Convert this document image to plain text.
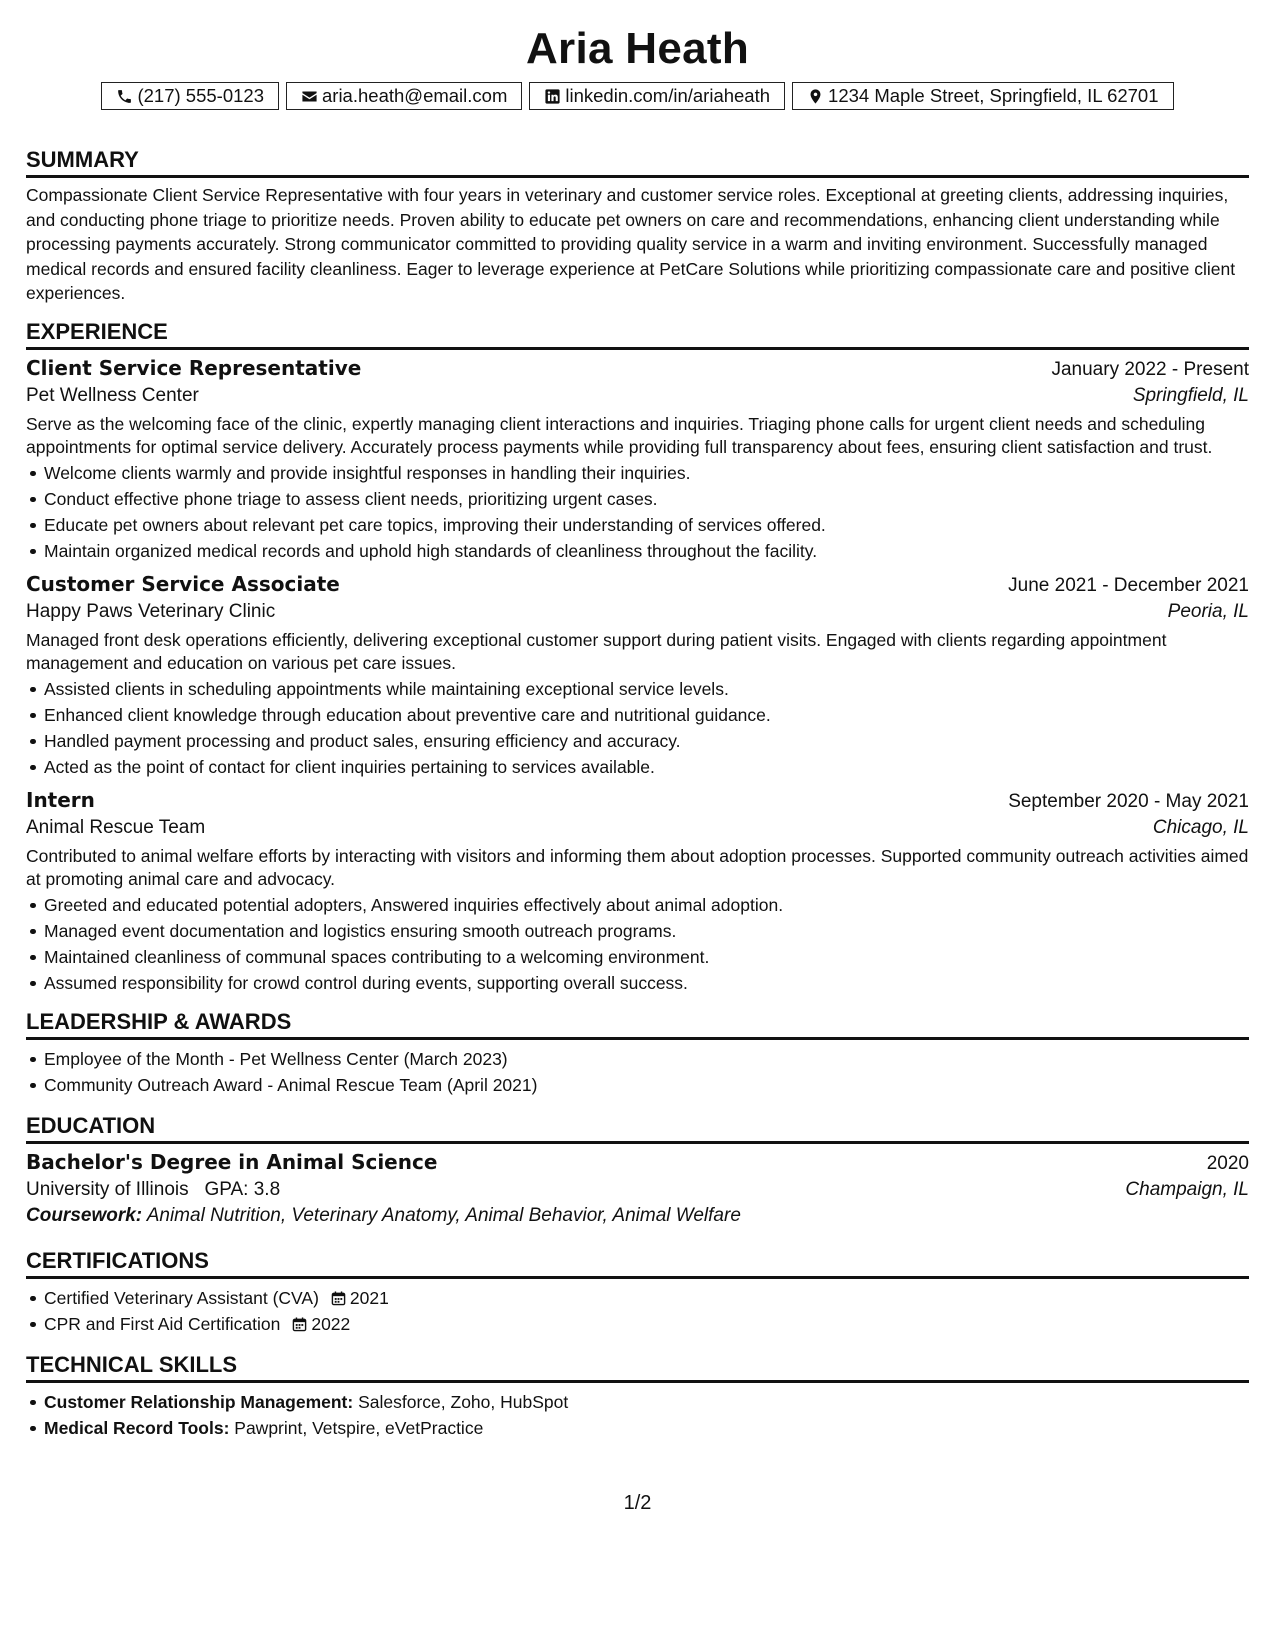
Aria Heath
(217) 555-0123	aria.heath@email.com	linkedin.com/in/ariaheath	1234 Maple Street, Springfield, IL 62701
SUMMARY

Compassionate Client Service Representative with four years in veterinary and customer service roles. Exceptional at greeting clients, addressing inquiries, and conducting phone triage to prioritize needs. Proven ability to educate pet owners on care and recommendations, enhancing client understanding while processing payments accurately. Strong communicator committed to providing quality service in a warm and inviting environment. Successfully managed medical records and ensured facility cleanliness. Eager to leverage experience at PetCare Solutions while prioritizing compassionate care and positive client experiences.

EXPERIENCE
Client Service Representative	January 2022 - Present
Pet Wellness Center	Springfield, IL

Serve as the welcoming face of the clinic, expertly managing client interactions and inquiries. Triaging phone calls for urgent client needs and scheduling appointments for optimal service delivery. Accurately process payments while providing full transparency about fees, ensuring client satisfaction and trust.

Welcome clients warmly and provide insightful responses in handling their inquiries.
Conduct effective phone triage to assess client needs, prioritizing urgent cases.
Educate pet owners about relevant pet care topics, improving their understanding of services offered.
Maintain organized medical records and uphold high standards of cleanliness throughout the facility.
Customer Service Associate	June 2021 - December 2021
Happy Paws Veterinary Clinic	Peoria, IL

Managed front desk operations efficiently, delivering exceptional customer support during patient visits. Engaged with clients regarding appointment management and education on various pet care issues.

Assisted clients in scheduling appointments while maintaining exceptional service levels.
Enhanced client knowledge through education about preventive care and nutritional guidance.
Handled payment processing and product sales, ensuring efficiency and accuracy.
Acted as the point of contact for client inquiries pertaining to services available.
Intern	September 2020 - May 2021
Animal Rescue Team	Chicago, IL

Contributed to animal welfare efforts by interacting with visitors and informing them about adoption processes. Supported community outreach activities aimed at promoting animal care and advocacy.

Greeted and educated potential adopters, Answered inquiries effectively about animal adoption.
Managed event documentation and logistics ensuring smooth outreach programs.
Maintained cleanliness of communal spaces contributing to a welcoming environment.
Assumed responsibility for crowd control during events, supporting overall success.
LEADERSHIP & AWARDS
Employee of the Month - Pet Wellness Center (March 2023)
Community Outreach Award - Animal Rescue Team (April 2021)
EDUCATION
Bachelor's Degree in Animal Science	2020
University of Illinois GPA: 3.8	Champaign, IL
Coursework: Animal Nutrition, Veterinary Anatomy, Animal Behavior, Animal Welfare
CERTIFICATIONS
Certified Veterinary Assistant (CVA) 2021
CPR and First Aid Certification 2022
TECHNICAL SKILLS
Customer Relationship Management: Salesforce, Zoho, HubSpot
Medical Record Tools: Pawprint, Vetspire, eVetPractice
1/2
